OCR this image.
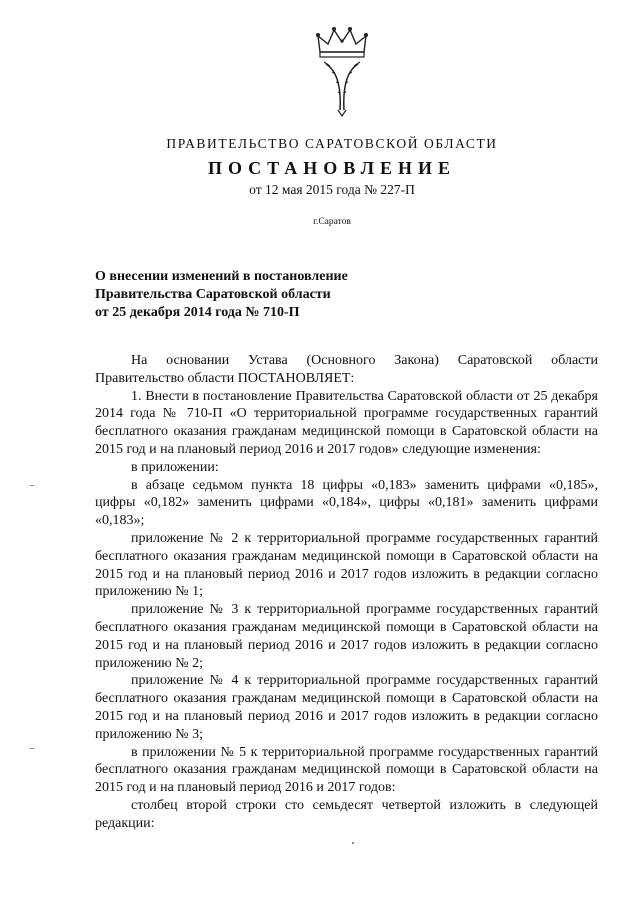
ПРАВИТЕЛЬСТВО САРАТОВСКОЙ ОБЛАСТИ
ПОСТАНОВЛЕНИЕ
от 12 мая 2015 года № 227-П
г.Саратов
О внесении изменений в постановление
Правительства Саратовской области
от 25 декабря 2014 года № 710-П

На основании Устава (Основного Закона) Саратовской области Правительство области ПОСТАНОВЛЯЕТ:

1. Внести в постановление Правительства Саратовской области от 25 декабря 2014 года № 710-П «О территориальной программе государственных гарантий бесплатного оказания гражданам медицинской помощи в Саратовской области на 2015 год и на плановый период 2016 и 2017 годов» следующие изменения:

в приложении:

в абзаце седьмом пункта 18 цифры «0,183» заменить цифрами «0,185», цифры «0,182» заменить цифрами «0,184», цифры «0,181» заменить цифрами «0,183»;

приложение № 2 к территориальной программе государственных гарантий бесплатного оказания гражданам медицинской помощи в Саратовской области на 2015 год и на плановый период 2016 и 2017 годов изложить в редакции согласно приложению № 1;

приложение № 3 к территориальной программе государственных гарантий бесплатного оказания гражданам медицинской помощи в Саратовской области на 2015 год и на плановый период 2016 и 2017 годов изложить в редакции согласно приложению № 2;

приложение № 4 к территориальной программе государственных гарантий бесплатного оказания гражданам медицинской помощи в Саратовской области на 2015 год и на плановый период 2016 и 2017 годов изложить в редакции согласно приложению № 3;

в приложении № 5 к территориальной программе государственных гарантий бесплатного оказания гражданам медицинской помощи в Саратовской области на 2015 год и на плановый период 2016 и 2017 годов:

столбец второй строки сто семьдесят четвертой изложить в следующей редакции:
